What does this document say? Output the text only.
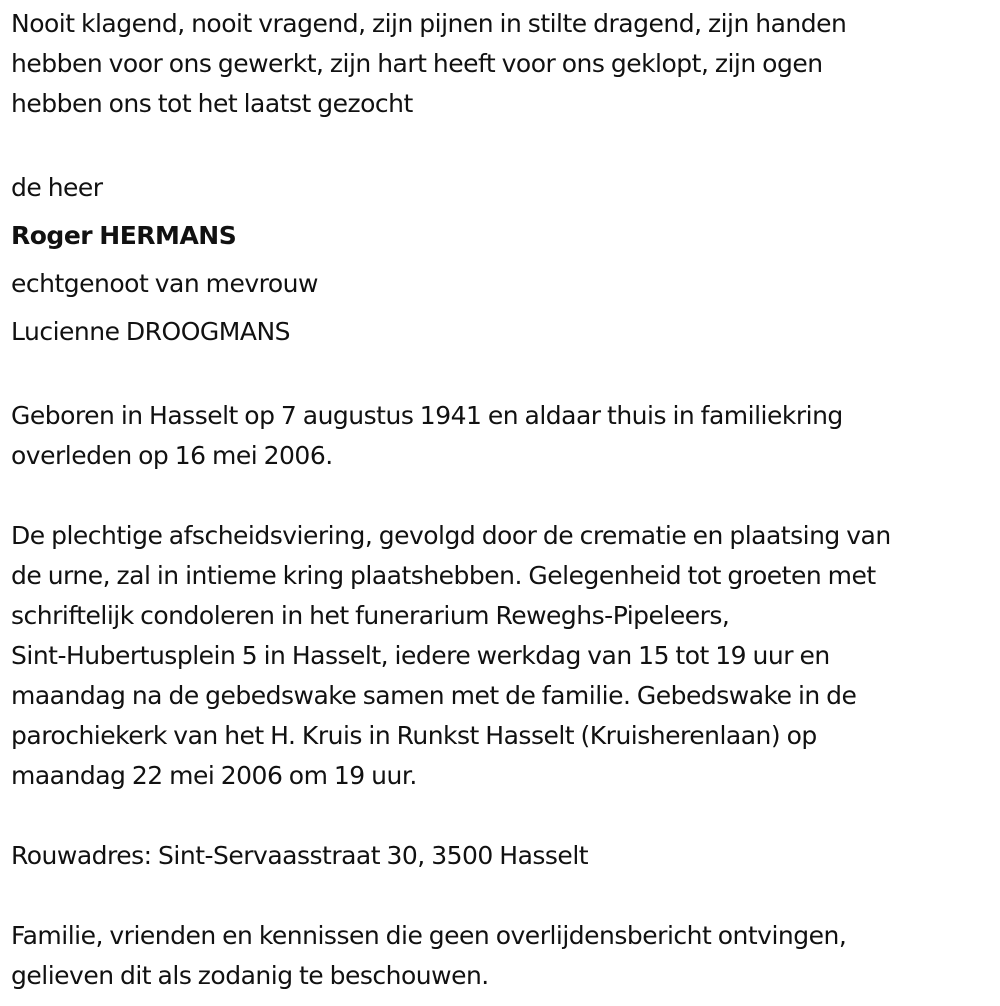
Nooit klagend, nooit vragend, zijn pijnen in stilte dragend, zijn handen

hebben voor ons gewerkt, zijn hart heeft voor ons geklopt, zijn ogen

hebben ons tot het laatst gezocht

de heer

Roger HERMANS

echtgenoot van mevrouw

Lucienne DROOGMANS

Geboren in Hasselt op 7 augustus 1941 en aldaar thuis in familiekring

overleden op 16 mei 2006.

De plechtige afscheidsviering, gevolgd door de crematie en plaatsing van

de urne, zal in intieme kring plaatshebben. Gelegenheid tot groeten met

schriftelijk condoleren in het funerarium Reweghs-Pipeleers,

Sint-Hubertusplein 5 in Hasselt, iedere werkdag van 15 tot 19 uur en

maandag na de gebedswake samen met de familie. Gebedswake in de

parochiekerk van het H. Kruis in Runkst Hasselt (Kruisherenlaan) op

maandag 22 mei 2006 om 19 uur.

Rouwadres: Sint-Servaasstraat 30, 3500 Hasselt

Familie, vrienden en kennissen die geen overlijdensbericht ontvingen,

gelieven dit als zodanig te beschouwen.
